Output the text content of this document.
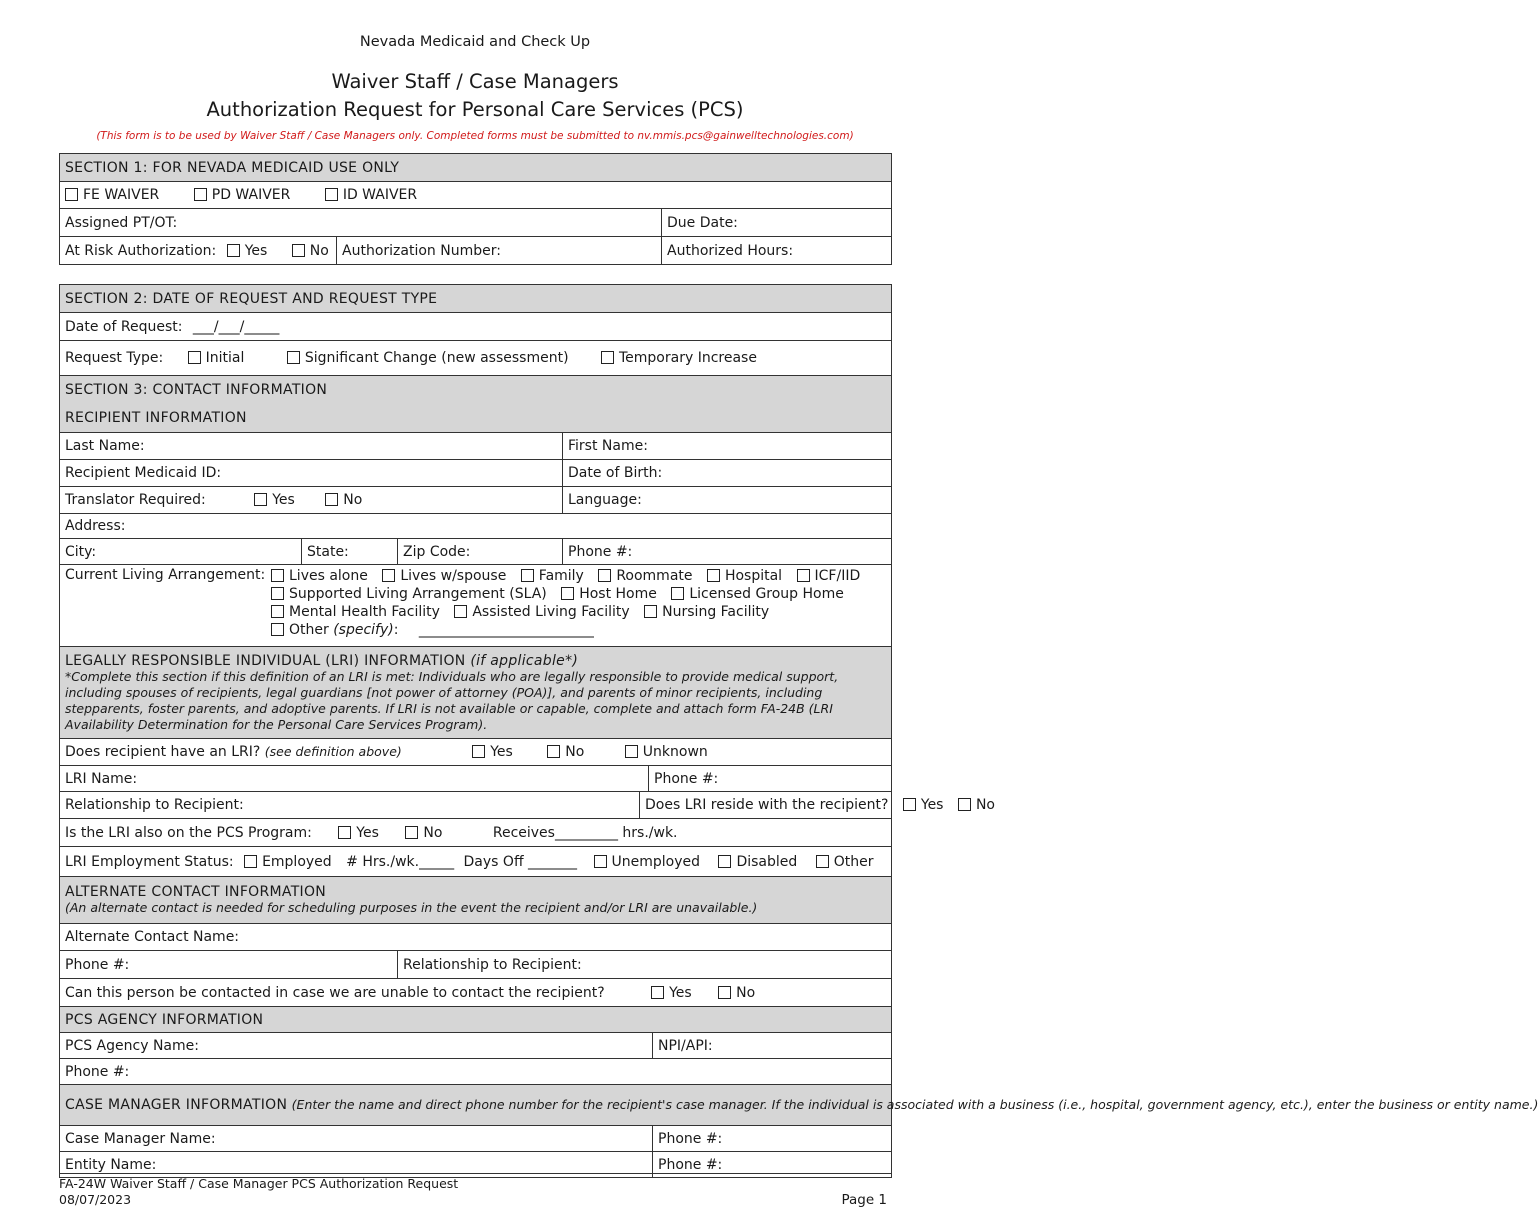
Nevada Medicaid and Check Up
Waiver Staff / Case Managers
Authorization Request for Personal Care Services (PCS)
(This form is to be used by Waiver Staff / Case Managers only. Completed forms must be submitted to nv.mmis.pcs@gainwelltechnologies.com)
SECTION 1: FOR NEVADA MEDICAID USE ONLY		
FE WAIVER PD WAIVER ID WAIVER		
Assigned PT/OT:		Due Date:
At Risk Authorization: Yes No	Authorization Number:	Authorized Hours:
SECTION 2: DATE OF REQUEST AND REQUEST TYPE						
Date of Request: ___/___/_____						
Request Type: Initial Significant Change (new assessment) Temporary Increase						

SECTION 3: CONTACT INFORMATION
RECIPIENT INFORMATION						

Last Name:			First Name:			
Recipient Medicaid ID:			Date of Birth:			
Translator Required: Yes No			Language:			
Address:						
City:	State:	Zip Code:	Phone #:			

Current Living Arrangement: Lives alone Lives w/spouse Family Roommate Hospital ICF/IID
Supported Living Arrangement (SLA) Host Home Licensed Group Home
Mental Health Facility Assisted Living Facility Nursing Facility
Other (specify): _________________________						

LEGALLY RESPONSIBLE INDIVIDUAL (LRI) INFORMATION (if applicable*)
*Complete this section if this definition of an LRI is met: Individuals who are legally responsible to provide medical support, including spouses of recipients, legal guardians [not power of attorney (POA)], and parents of minor recipients, including stepparents, foster parents, and adoptive parents. If LRI is not available or capable, complete and attach form FA-24B (LRI Availability Determination for the Personal Care Services Program).						

Does recipient have an LRI? (see definition above) Yes No Unknown						
LRI Name:					Phone #:	
Relationship to Recipient:				Does LRI reside with the recipient? Yes No		
Is the LRI also on the PCS Program: Yes No Receives_________ hrs./wk.						
LRI Employment Status: Employed # Hrs./wk._____ Days Off _______ Unemployed Disabled Other						

ALTERNATE CONTACT INFORMATION
(An alternate contact is needed for scheduling purposes in the event the recipient and/or LRI are unavailable.)						

Alternate Contact Name:						
Phone #:		Relationship to Recipient:				
Can this person be contacted in case we are unable to contact the recipient? Yes No						
PCS AGENCY INFORMATION						
PCS Agency Name:						NPI/API:
Phone #:						
CASE MANAGER INFORMATION (Enter the name and direct phone number for the recipient's case manager. If the individual is associated with a business (i.e., hospital, government agency, etc.), enter the business or entity name.)						
Case Manager Name:						Phone #:
Entity Name:						Phone #:
FA-24W Waiver Staff / Case Manager PCS Authorization Request
08/07/2023	Page 1
